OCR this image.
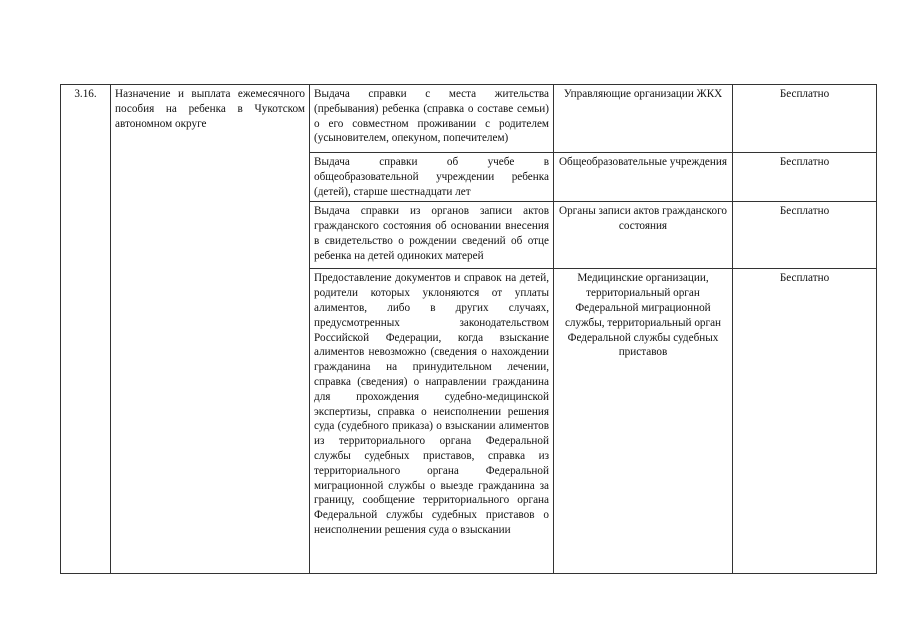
3.16.	Назначение и выплата ежемесячного пособия на ребенка в Чукотском автономном округе	Выдача справки с места жительства (пребывания) ребенка (справка о составе семьи) о его совместном проживании с родителем (усыновителем, опекуном, попечителем)	Управляющие организации ЖКХ	Бесплатно
		Выдача справки об учебе в общеобразовательной учреждении ребенка (детей), старше шестнадцати лет	Общеобразовательные учреждения	Бесплатно
		Выдача справки из органов записи актов гражданского состояния об основании внесения в свидетельство о рождении сведений об отце ребенка на детей одиноких матерей	Органы записи актов гражданского состояния	Бесплатно
		Предоставление документов и справок на детей, родители которых уклоняются от уплаты алиментов, либо в других случаях, предусмотренных законодательством Российской Федерации, когда взыскание алиментов невозможно (сведения о нахождении гражданина на принудительном лечении, справка (сведения) о направлении гражданина для прохождения судебно-медицинской экспертизы, справка о неисполнении решения суда (судебного приказа) о взыскании алиментов из территориального органа Федеральной службы судебных приставов, справка из территориального органа Федеральной миграционной службы о выезде гражданина за границу, сообщение территориального органа Федеральной службы судебных приставов о неисполнении решения суда о взыскании	Медицинские организации, территориальный орган Федеральной миграционной службы, территориальный орган Федеральной службы судебных приставов	Бесплатно
